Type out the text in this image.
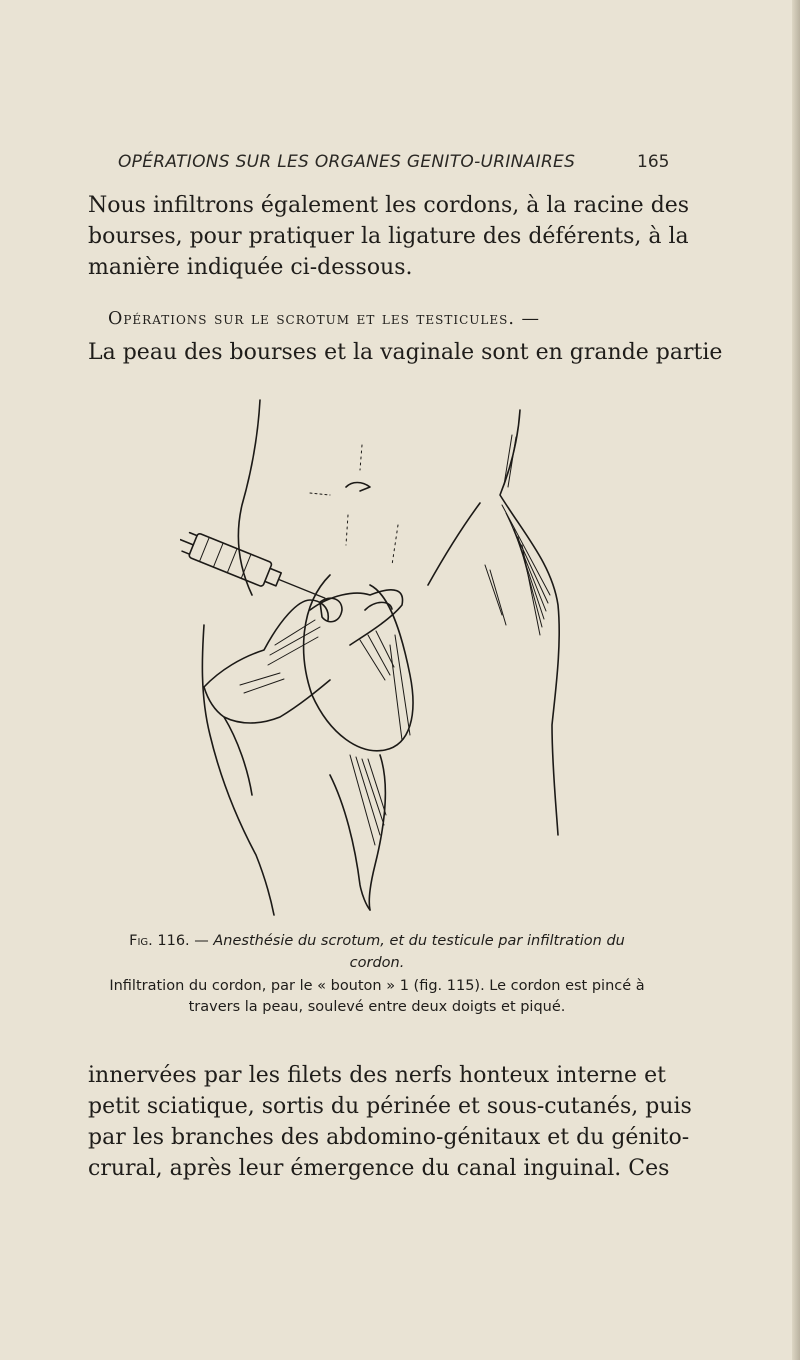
OPÉRATIONS SUR LES ORGANES GENITO-URINAIRES	165
Nous infiltrons également les cordons, à la racine des
bourses, pour pratiquer la ligature des déférents, à la
manière indiquée ci-dessous.
Opérations sur le scrotum et les testicules. —
La peau des bourses et la vaginale sont en grande partie
Fig. 116. — Anesthésie du scrotum, et du testicule par infiltration du cordon.
Infiltration du cordon, par le « bouton » 1 (fig. 115). Le cordon est pincé à travers la peau, soulevé entre deux doigts et piqué.
innervées par les filets des nerfs honteux interne et
petit sciatique, sortis du périnée et sous-cutanés, puis
par les branches des abdomino-génitaux et du génito-
crural, après leur émergence du canal inguinal. Ces
